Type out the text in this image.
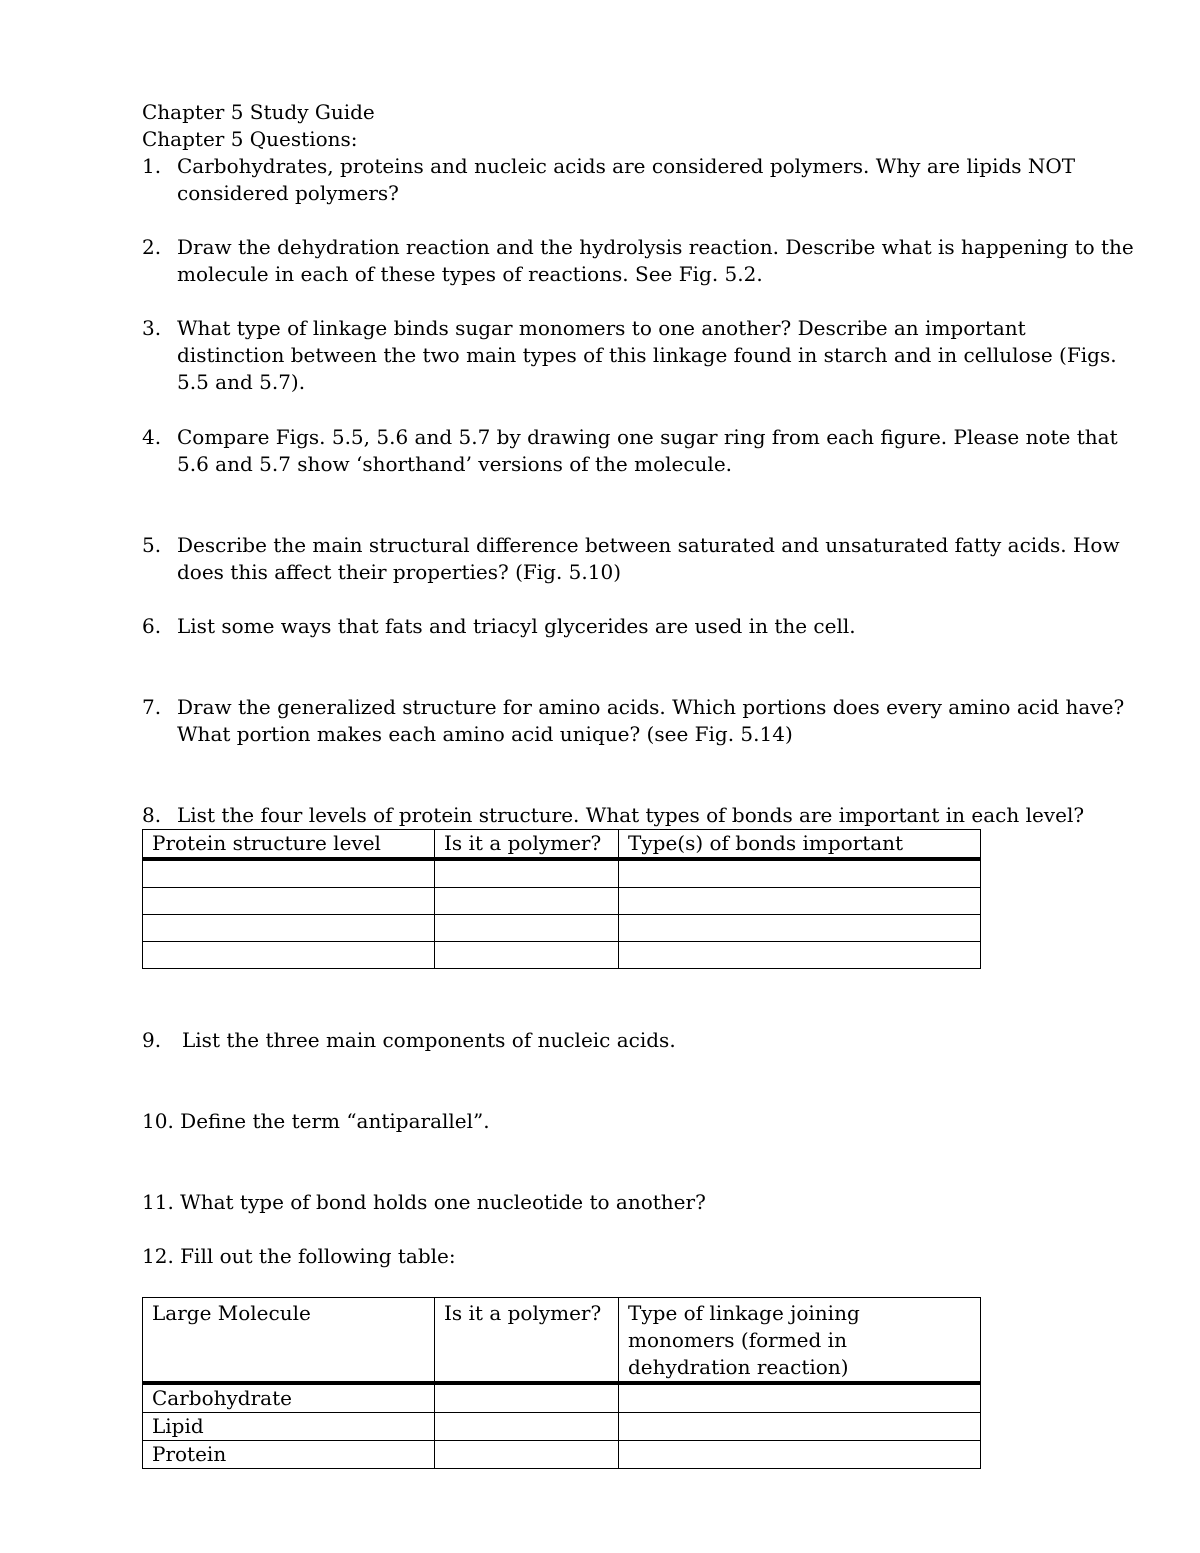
Chapter 5 Study Guide
Chapter 5 Questions:
1. Carbohydrates, proteins and nucleic acids are considered polymers. Why are lipids NOT considered polymers?
2. Draw the dehydration reaction and the hydrolysis reaction. Describe what is happening to the molecule in each of these types of reactions. See Fig. 5.2.
3. What type of linkage binds sugar monomers to one another? Describe an important distinction between the two main types of this linkage found in starch and in cellulose (Figs. 5.5 and 5.7).
4. Compare Figs. 5.5, 5.6 and 5.7 by drawing one sugar ring from each figure. Please note that 5.6 and 5.7 show ‘shorthand’ versions of the molecule.
5. Describe the main structural difference between saturated and unsaturated fatty acids. How does this affect their properties? (Fig. 5.10)
6. List some ways that fats and triacyl glycerides are used in the cell.
7. Draw the generalized structure for amino acids. Which portions does every amino acid have? What portion makes each amino acid unique? (see Fig. 5.14)
8. List the four levels of protein structure. What types of bonds are important in each level?
Protein structure level	Is it a polymer?	Type(s) of bonds important

9. List the three main components of nucleic acids.
10. Define the term “antiparallel”.
11. What type of bond holds one nucleotide to another?
12. Fill out the following table:
Large Molecule	Is it a polymer?	Type of linkage joining monomers (formed in dehydration reaction)
Carbohydrate		
Lipid		
Protein		
